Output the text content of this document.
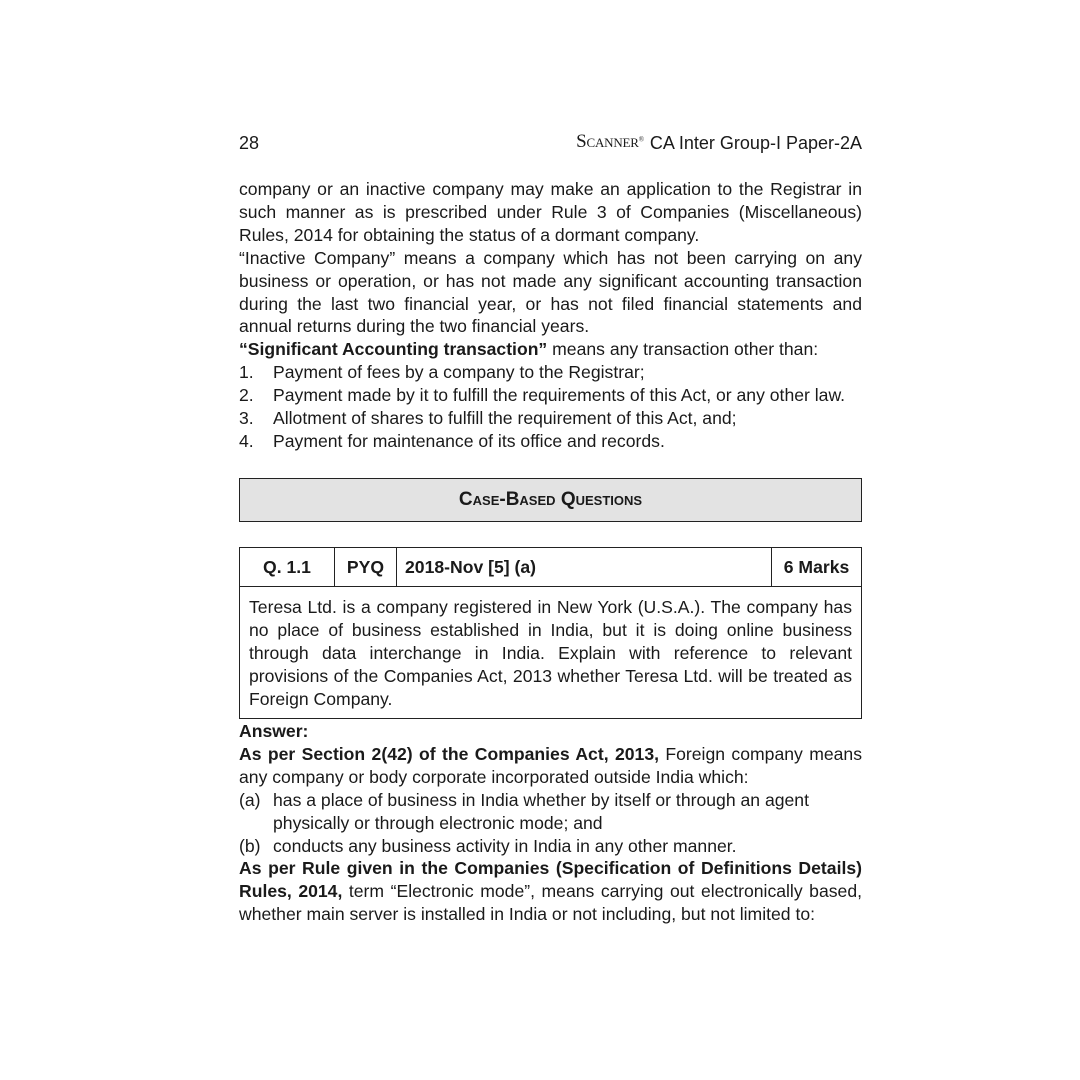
28	SCANNER® CA Inter Group-I Paper-2A

company or an inactive company may make an application to the Registrar in such manner as is prescribed under Rule 3 of Companies (Miscellaneous) Rules, 2014 for obtaining the status of a dormant company.

“Inactive Company” means a company which has not been carrying on any business or operation, or has not made any significant accounting transaction during the last two financial year, or has not filed financial statements and annual returns during the two financial years.

“Significant Accounting transaction” means any transaction other than:

1.	Payment of fees by a company to the Registrar;
2.	Payment made by it to fulfill the requirements of this Act, or any other law.
3.	Allotment of shares to fulfill the requirement of this Act, and;
4.	Payment for maintenance of its office and records.
Case-Based Questions
Q. 1.1	PYQ	2018-Nov [5] (a)	6 Marks
Teresa Ltd. is a company registered in New York (U.S.A.). The company has no place of business established in India, but it is doing online business through data interchange in India. Explain with reference to relevant provisions of the Companies Act, 2013 whether Teresa Ltd. will be treated as Foreign Company.
Answer:

As per Section 2(42) of the Companies Act, 2013, Foreign company means any company or body corporate incorporated outside India which:

(a) has a place of business in India whether by itself or through an agent physically or through electronic mode; and
(b) conducts any business activity in India in any other manner.

As per Rule given in the Companies (Specification of Definitions Details) Rules, 2014, term “Electronic mode”, means carrying out electronically based, whether main server is installed in India or not including, but not limited to:
